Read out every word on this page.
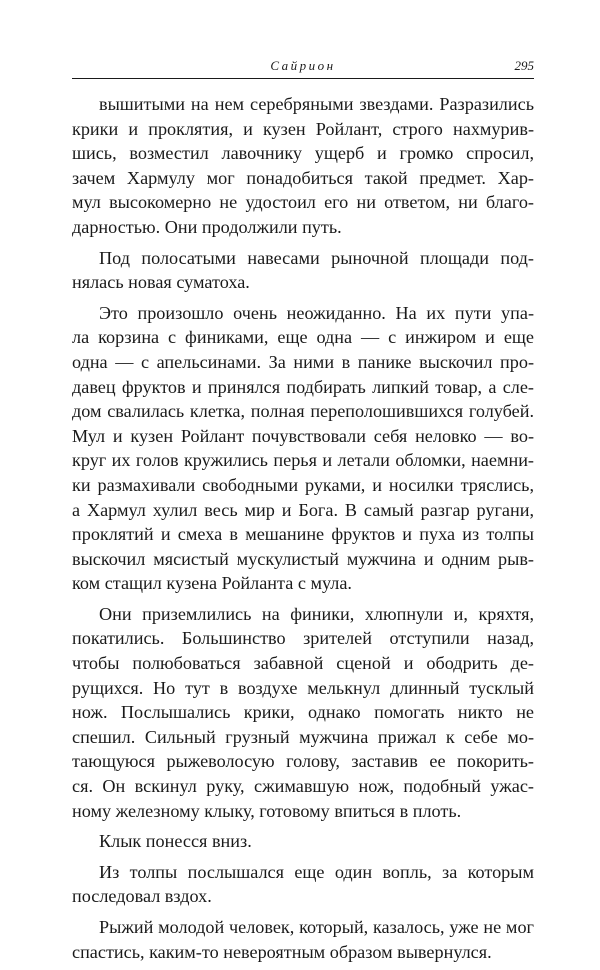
Сайрион	295

вышитыми на нем серебряными звездами. Разразились
крики и проклятия, и кузен Ройлант, строго нахмурив-
шись, возместил лавочнику ущерб и громко спросил,
зачем Хармулу мог понадобиться такой предмет. Хар-
мул высокомерно не удостоил его ни ответом, ни благо-
дарностью. Они продолжили путь.

Под полосатыми навесами рыночной площади под-
нялась новая суматоха.

Это произошло очень неожиданно. На их пути упа-
ла корзина с финиками, еще одна — с инжиром и еще
одна — с апельсинами. За ними в панике выскочил про-
давец фруктов и принялся подбирать липкий товар, а сле-
дом свалилась клетка, полная переполошившихся голубей.
Мул и кузен Ройлант почувствовали себя неловко — во-
круг их голов кружились перья и летали обломки, наемни-
ки размахивали свободными руками, и носилки тряслись,
а Хармул хулил весь мир и Бога. В самый разгар ругани,
проклятий и смеха в мешанине фруктов и пуха из толпы
выскочил мясистый мускулистый мужчина и одним рыв-
ком стащил кузена Ройланта с мула.

Они приземлились на финики, хлюпнули и, кряхтя,
покатились. Большинство зрителей отступили назад,
чтобы полюбоваться забавной сценой и ободрить де-
рущихся. Но тут в воздухе мелькнул длинный тусклый
нож. Послышались крики, однако помогать никто не
спешил. Сильный грузный мужчина прижал к себе мо-
тающуюся рыжеволосую голову, заставив ее покорить-
ся. Он вскинул руку, сжимавшую нож, подобный ужас-
ному железному клыку, готовому впиться в плоть.

Клык понесся вниз.

Из толпы послышался еще один вопль, за которым
последовал вздох.

Рыжий молодой человек, который, казалось, уже не мог
спастись, каким-то невероятным образом вывернулся.
